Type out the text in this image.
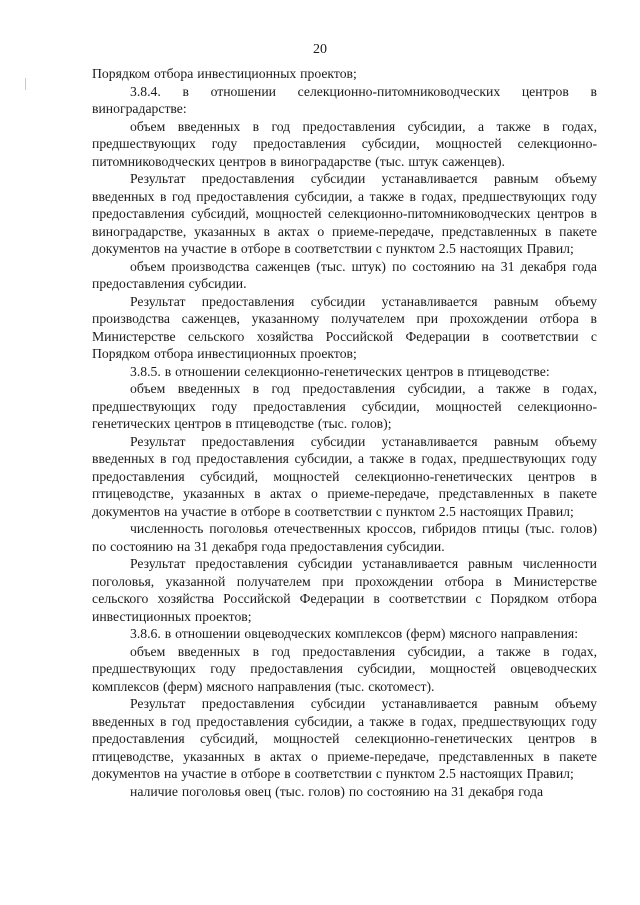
20

Порядком отбора инвестиционных проектов;

3.8.4. в отношении селекционно-питомниководческих центров в виноградарстве:

объем введенных в год предоставления субсидии, а также в годах, предшествующих году предоставления субсидии, мощностей селекционно-питомниководческих центров в виноградарстве (тыс. штук саженцев).

Результат предоставления субсидии устанавливается равным объему введенных в год предоставления субсидии, а также в годах, предшествующих году предоставления субсидий, мощностей селекционно-питомниководческих центров в виноградарстве, указанных в актах о приеме-передаче, представленных в пакете документов на участие в отборе в соответствии с пунктом 2.5 настоящих Правил;

объем производства саженцев (тыс. штук) по состоянию на 31 декабря года предоставления субсидии.

Результат предоставления субсидии устанавливается равным объему производства саженцев, указанному получателем при прохождении отбора в Министерстве сельского хозяйства Российской Федерации в соответствии с Порядком отбора инвестиционных проектов;

3.8.5. в отношении селекционно-генетических центров в птицеводстве:

объем введенных в год предоставления субсидии, а также в годах, предшествующих году предоставления субсидии, мощностей селекционно-генетических центров в птицеводстве (тыс. голов);

Результат предоставления субсидии устанавливается равным объему введенных в год предоставления субсидии, а также в годах, предшествующих году предоставления субсидий, мощностей селекционно-генетических центров в птицеводстве, указанных в актах о приеме-передаче, представленных в пакете документов на участие в отборе в соответствии с пунктом 2.5 настоящих Правил;

численность поголовья отечественных кроссов, гибридов птицы (тыс. голов) по состоянию на 31 декабря года предоставления субсидии.

Результат предоставления субсидии устанавливается равным численности поголовья, указанной получателем при прохождении отбора в Министерстве сельского хозяйства Российской Федерации в соответствии с Порядком отбора инвестиционных проектов;

3.8.6. в отношении овцеводческих комплексов (ферм) мясного направления:

объем введенных в год предоставления субсидии, а также в годах, предшествующих году предоставления субсидии, мощностей овцеводческих комплексов (ферм) мясного направления (тыс. скотомест).

Результат предоставления субсидии устанавливается равным объему введенных в год предоставления субсидии, а также в годах, предшествующих году предоставления субсидий, мощностей селекционно-генетических центров в птицеводстве, указанных в актах о приеме-передаче, представленных в пакете документов на участие в отборе в соответствии с пунктом 2.5 настоящих Правил;

наличие поголовья овец (тыс. голов) по состоянию на 31 декабря года
